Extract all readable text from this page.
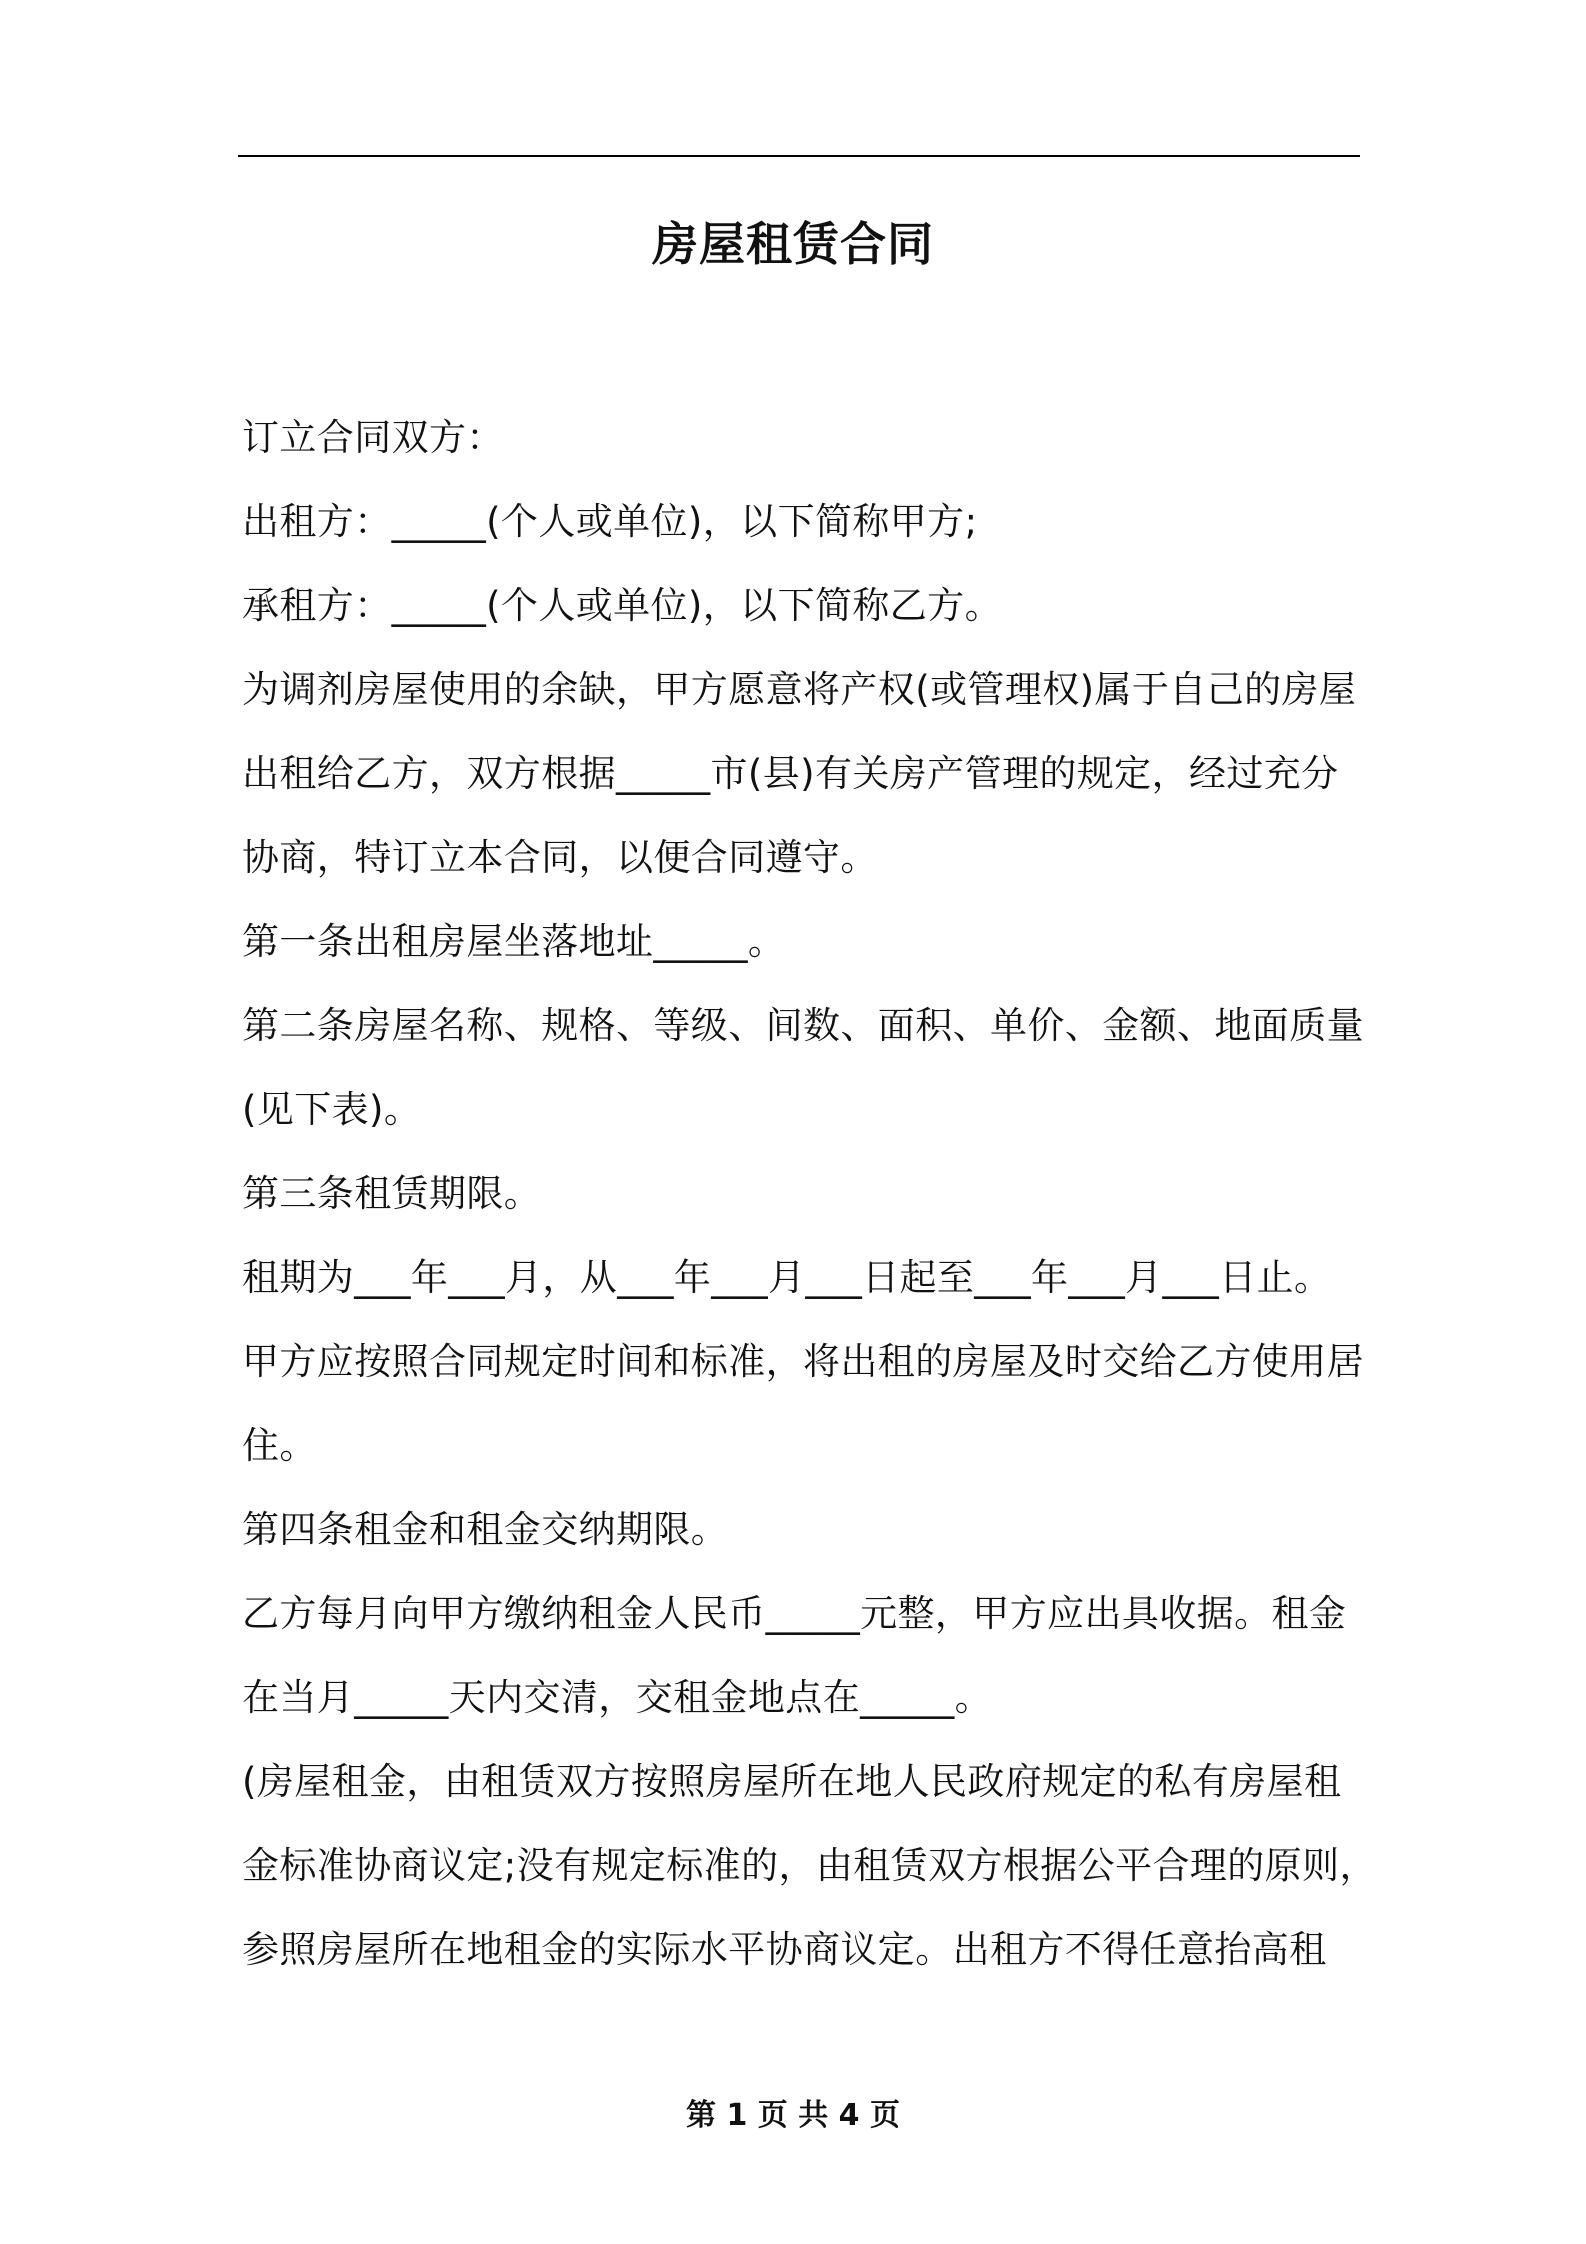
房屋租赁合同
订立合同双方：
出租方：_____(个人或单位)，以下简称甲方;
承租方：_____(个人或单位)，以下简称乙方。
为调剂房屋使用的余缺，甲方愿意将产权(或管理权)属于自己的房屋
出租给乙方，双方根据_____市(县)有关房产管理的规定，经过充分
协商，特订立本合同，以便合同遵守。
第一条出租房屋坐落地址_____。
第二条房屋名称、规格、等级、间数、面积、单价、金额、地面质量
(见下表)。
第三条租赁期限。
租期为___年___月，从___年___月___日起至___年___月___日止。
甲方应按照合同规定时间和标准，将出租的房屋及时交给乙方使用居
住。
第四条租金和租金交纳期限。
乙方每月向甲方缴纳租金人民币_____元整，甲方应出具收据。租金
在当月_____天内交清，交租金地点在_____。
(房屋租金，由租赁双方按照房屋所在地人民政府规定的私有房屋租
金标准协商议定;没有规定标准的，由租赁双方根据公平合理的原则，
参照房屋所在地租金的实际水平协商议定。出租方不得任意抬高租
第 1 页 共 4 页
